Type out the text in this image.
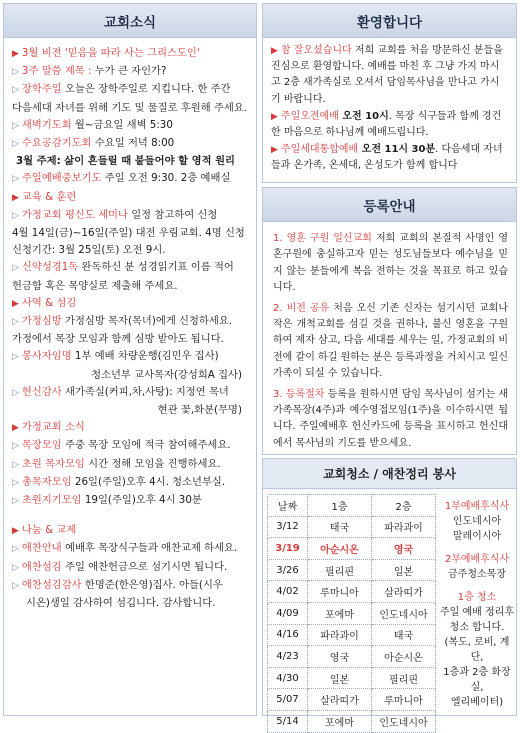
교회소식
▶ 3월 비전 '믿음을 따라 사는 그리스도인'
▷ 3주 말씀 제목 : 누가 큰 자인가?
▷ 장학주일 오늘은 장학주일로 지킵니다. 한 주간
다음세대 자녀를 위해 기도 및 물질로 후원해 주세요.
▷ 새벽기도회 월~금요일 새벽 5:30
▷ 수요공감기도회 수요일 저녁 8:00
3월 주제: 삶이 흔들릴 때 붙들어야 할 영적 원리
▷ 주일예배중보기도 주일 오전 9:30. 2층 예배실
▶ 교육 & 훈련
▷ 가정교회 평신도 세미나 일정 참고하여 신청
4월 14일(금)~16일(주일) 대전 우림교회. 4명 신청
신청기간: 3월 25일(토) 오전 9시.
▷ 신약성경1독 완독하신 분 성경읽기표 이름 적어
헌금함 혹은 목양실로 제출해 주세요.
▶ 사역 & 섬김
▷ 가정심방 가정심방 목자(목녀)에게 신청하세요.
가정에서 목장 모임과 함께 심방 받아도 됩니다.
▷ 봉사자임명 1부 예배 차량운행(김민우 집사)
청소년부 교사목자(강성희A 집사)
▷ 헌신감사 새가족실(커피,차,사탕): 지정연 목녀
현관 꽃,화분(무명)
▶ 가정교회 소식
▷ 목장모임 주중 목장 모임에 적극 참여해주세요.
▷ 초원 목자모임 시간 정해 모임을 진행하세요.
▷ 총목자모임 26일(주일)오후 4시. 청소년부실.
▷ 초원지기모임 19일(주일)오후 4시 30분
▶ 나눔 & 교제
▷ 애찬안내 예배후 목장식구들과 애찬교제 하세요.
▷ 애찬섬김 주일 애찬헌금으로 섬기시면 됩니다.
▷ 애찬섬김감사 한명준(한은영)집사. 아들(시우
시온)생일 감사하여 섬깁니다. 감사합니다.
환영합니다

▶ 참 잘오셨습니다 저희 교회를 처음 방문하신 분들을 진심으로 환영합니다. 예배를 마친 후 그냥 가지 마시고 2층 새가족실로 오셔서 담임목사님을 만나고 가시기 바랍니다.

▶ 주일오전예배 오전 10시. 목장 식구들과 함께 경건한 마음으로 하나님께 예배드립니다.

▶ 주일세대통합예배 오전 11시 30분. 다음세대 자녀들과 온가족, 온세대, 온성도가 함께 합니다

등록안내

1. 영혼 구원 일신교회 저희 교회의 본질적 사명인 영혼구원에 충실하고자 믿는 성도님들보다 예수님을 믿지 않는 분들에게 복음 전하는 것을 목표로 하고 있습니다.

2. 비전 공유 처음 오신 기존 신자는 섬기시던 교회나 작은 개척교회를 섬길 것을 권하나, 불신 영혼을 구원하여 제자 삼고, 다음 세대를 세우는 일, 가정교회의 비전에 같이 하길 원하는 분은 등록과정을 거치시고 일신 가족이 되실 수 있습니다.

3. 등록절차 등록을 원하시면 담임 목사님이 섬기는 새가족목장(4주)과 예수영접모임(1주)을 이수하시면 됩니다. 주일예배후 헌신카드에 등록을 표시하고 헌신대에서 목사님의 기도를 받으세요.

교회청소 / 애찬정리 봉사
날짜	1층	2층
3/12	태국	파라과이
3/19	아순시온	영국
3/26	필리핀	일본
4/02	루마니아	살라띠가
4/09	포에마	인도네시아
4/16	파라과이	태국
4/23	영국	아순시온
4/30	일본	필리핀
5/07	살라띠가	루마니아
5/14	포에마	인도네시아

1부예배후식사

인도네시아

말레이시아

2부예배후식사

금주청소목장

1층 청소

주일 예배 정리후

청소 합니다.

(복도, 로비, 계단,

1층과 2층 화장실,

엘리베이터)
